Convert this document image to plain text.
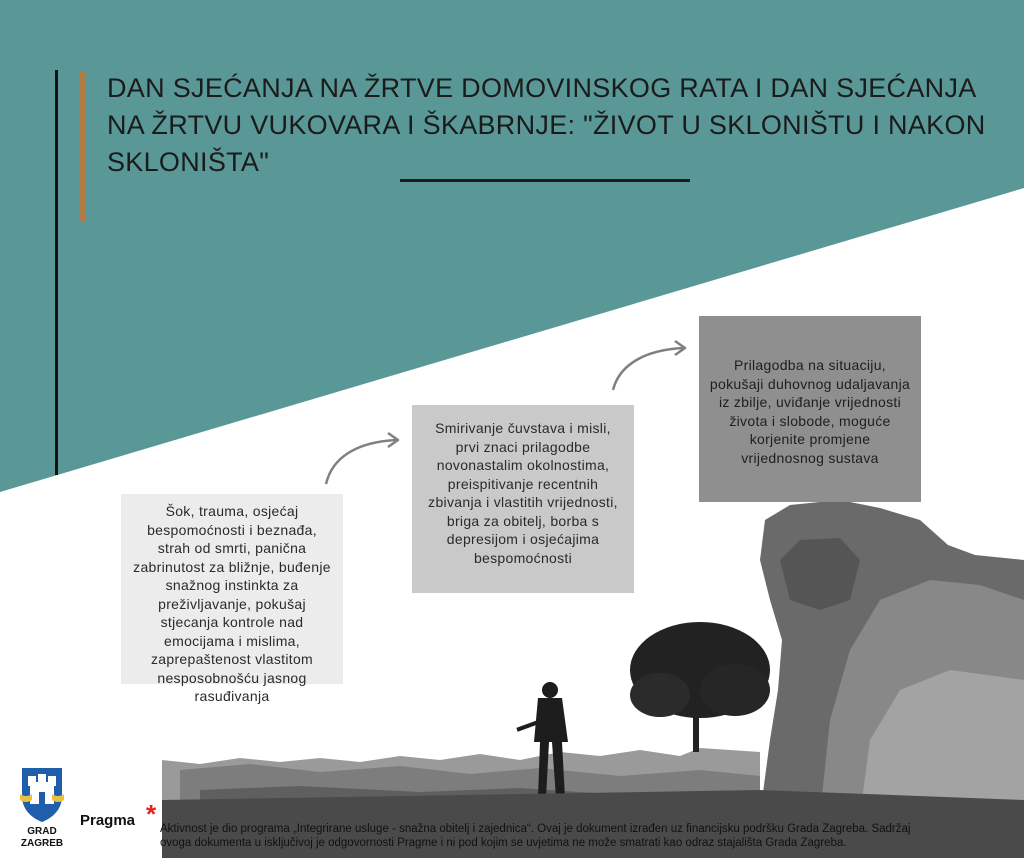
DAN SJEĆANJA NA ŽRTVE DOMOVINSKOG RATA I DAN SJEĆANJA NA ŽRTVU VUKOVARA I ŠKABRNJE: "ŽIVOT U SKLONIŠTU I NAKON SKLONIŠTA"
Šok, trauma, osjećaj bespomoćnosti i beznađa, strah od smrti, panična zabrinutost za bližnje, buđenje snažnog instinkta za preživljavanje, pokušaj stjecanja kontrole nad emocijama i mislima, zaprepaštenost vlastitom nesposobnošću jasnog rasuđivanja
Smirivanje čuvstava i misli, prvi znaci prilagodbe novonastalim okolnostima, preispitivanje recentnih zbivanja i vlastitih vrijednosti, briga za obitelj, borba s depresijom i osjećajima bespomoćnosti
Prilagodba na situaciju, pokušaji duhovnog udaljavanja iz zbilje, uviđanje vrijednosti života i slobode, moguće korjenite promjene vrijednosnog sustava
GRAD
ZAGREB
Pragma * Aktivnost je dio programa „Integrirane usluge - snažna obitelj i zajednica“. Ovaj je dokument izrađen uz financijsku podršku Grada Zagreba. Sadržaj
ovoga dokumenta u isključivoj je odgovornosti Pragme i ni pod kojim se uvjetima ne može smatrati kao odraz stajališta Grada Zagreba.
